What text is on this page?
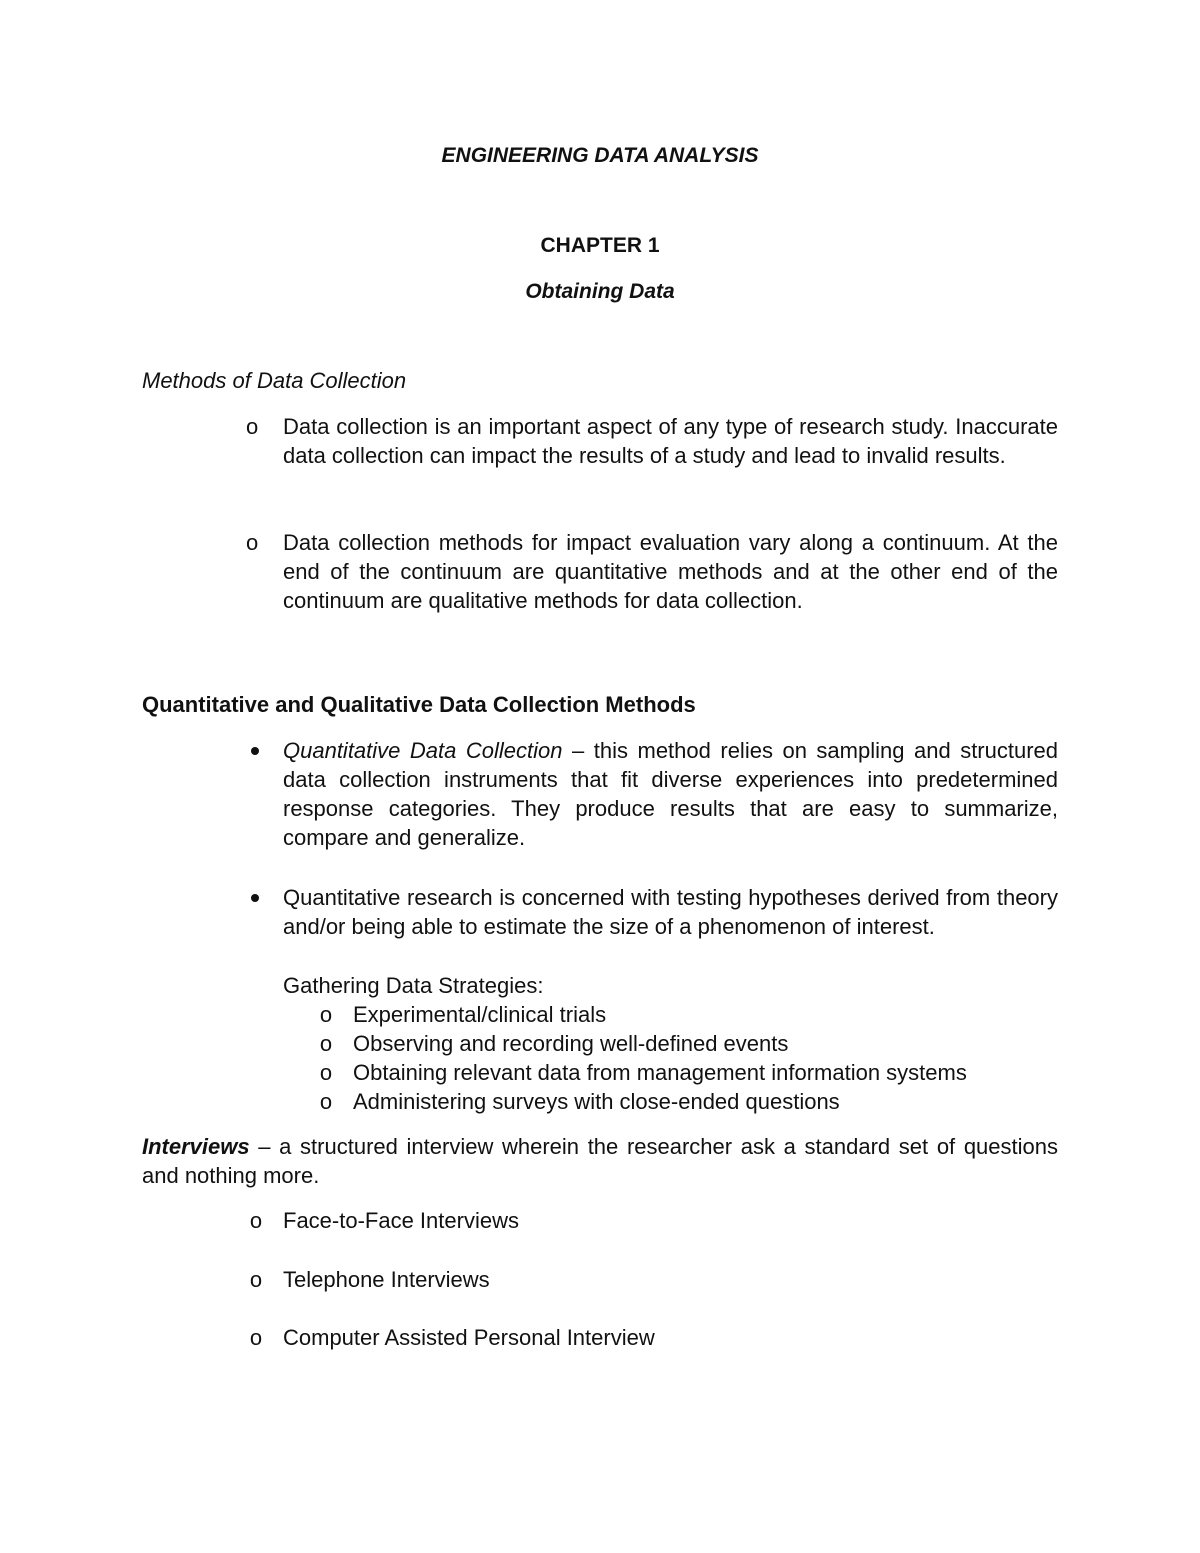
ENGINEERING DATA ANALYSIS
CHAPTER 1
Obtaining Data
Methods of Data Collection
o	Data collection is an important aspect of any type of research study. Inaccurate data collection can impact the results of a study and lead to invalid results.
o	Data collection methods for impact evaluation vary along a continuum. At the end of the continuum are quantitative methods and at the other end of the continuum are qualitative methods for data collection.
Quantitative and Qualitative Data Collection Methods
Quantitative Data Collection – this method relies on sampling and structured data collection instruments that fit diverse experiences into predetermined response categories. They produce results that are easy to summarize, compare and generalize.
Quantitative research is concerned with testing hypotheses derived from theory and/or being able to estimate the size of a phenomenon of interest.
Gathering Data Strategies:
o Experimental/clinical trials
o Observing and recording well-defined events
o Obtaining relevant data from management information systems
o Administering surveys with close-ended questions
Interviews – a structured interview wherein the researcher ask a standard set of questions and nothing more.
o Face-to-Face Interviews
o Telephone Interviews
o Computer Assisted Personal Interview
